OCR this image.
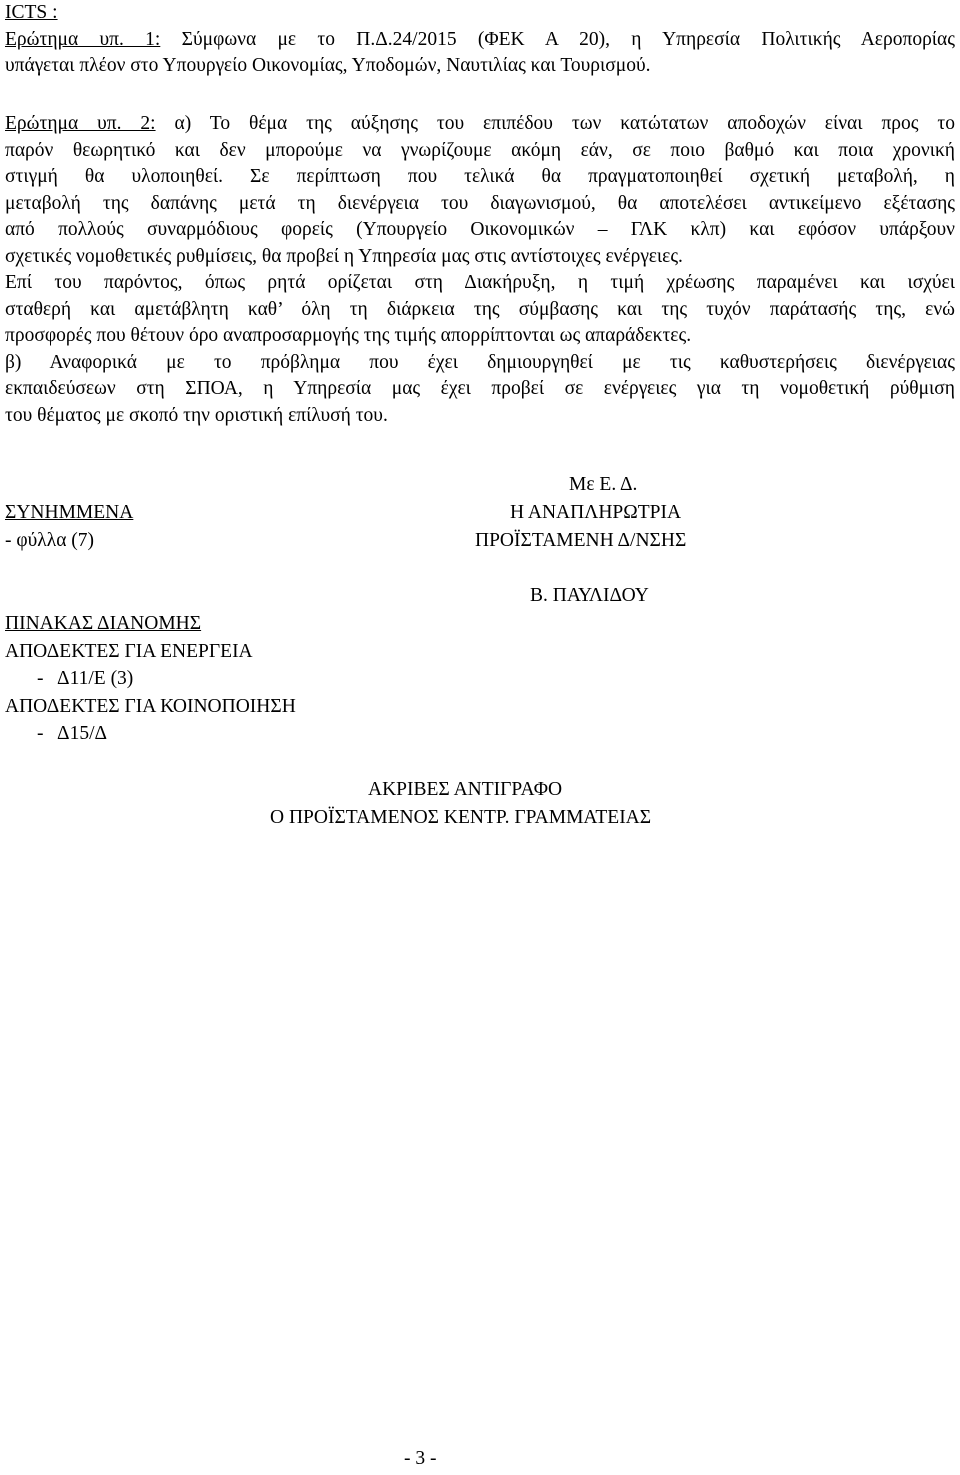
ICTS :
Ερώτημα υπ. 1: Σύμφωνα με το Π.Δ.24/2015 (ΦΕΚ Α 20), η Υπηρεσία Πολιτικής Αεροπορίας
υπάγεται πλέον στο Υπουργείο Οικονομίας, Υποδομών, Ναυτιλίας και Τουρισμού.
Ερώτημα υπ. 2: α) Το θέμα της αύξησης του επιπέδου των κατώτατων αποδοχών είναι προς το
παρόν θεωρητικό και δεν μπορούμε να γνωρίζουμε ακόμη εάν, σε ποιο βαθμό και ποια χρονική
στιγμή θα υλοποιηθεί. Σε περίπτωση που τελικά θα πραγματοποιηθεί σχετική μεταβολή, η
μεταβολή της δαπάνης μετά τη διενέργεια του διαγωνισμού, θα αποτελέσει αντικείμενο εξέτασης
από πολλούς συναρμόδιους φορείς (Υπουργείο Οικονομικών – ΓΛΚ κλπ) και εφόσον υπάρξουν
σχετικές νομοθετικές ρυθμίσεις, θα προβεί η Υπηρεσία μας στις αντίστοιχες ενέργειες.
Επί του παρόντος, όπως ρητά ορίζεται στη Διακήρυξη, η τιμή χρέωσης παραμένει και ισχύει
σταθερή και αμετάβλητη καθ’ όλη τη διάρκεια της σύμβασης και της τυχόν παράτασής της, ενώ
προσφορές που θέτουν όρο αναπροσαρμογής της τιμής απορρίπτονται ως απαράδεκτες.
β) Αναφορικά με το πρόβλημα που έχει δημιουργηθεί με τις καθυστερήσεις διενέργειας
εκπαιδεύσεων στη ΣΠΟΑ, η Υπηρεσία μας έχει προβεί σε ενέργειες για τη νομοθετική ρύθμιση
του θέματος με σκοπό την οριστική επίλυσή του.
Με Ε. Δ.
Η ΑΝΑΠΛΗΡΩΤΡΙΑ
ΠΡΟΪΣΤΑΜΕΝΗ Δ/ΝΣΗΣ
Β. ΠΑΥΛΙΔΟΥ
ΣΥΝΗΜΜΕΝΑ
- φύλλα (7)
ΠΙΝΑΚΑΣ ΔΙΑΝΟΜΗΣ
ΑΠΟΔΕΚΤΕΣ ΓΙΑ ΕΝΕΡΓΕΙΑ
-   Δ11/Ε (3)
ΑΠΟΔΕΚΤΕΣ ΓΙΑ ΚΟΙΝΟΠΟΙΗΣΗ
-   Δ15/Δ
ΑΚΡΙΒΕΣ ΑΝΤΙΓΡΑΦΟ
Ο ΠΡΟΪΣΤΑΜΕΝΟΣ ΚΕΝΤΡ. ΓΡΑΜΜΑΤΕΙΑΣ
- 3 -
